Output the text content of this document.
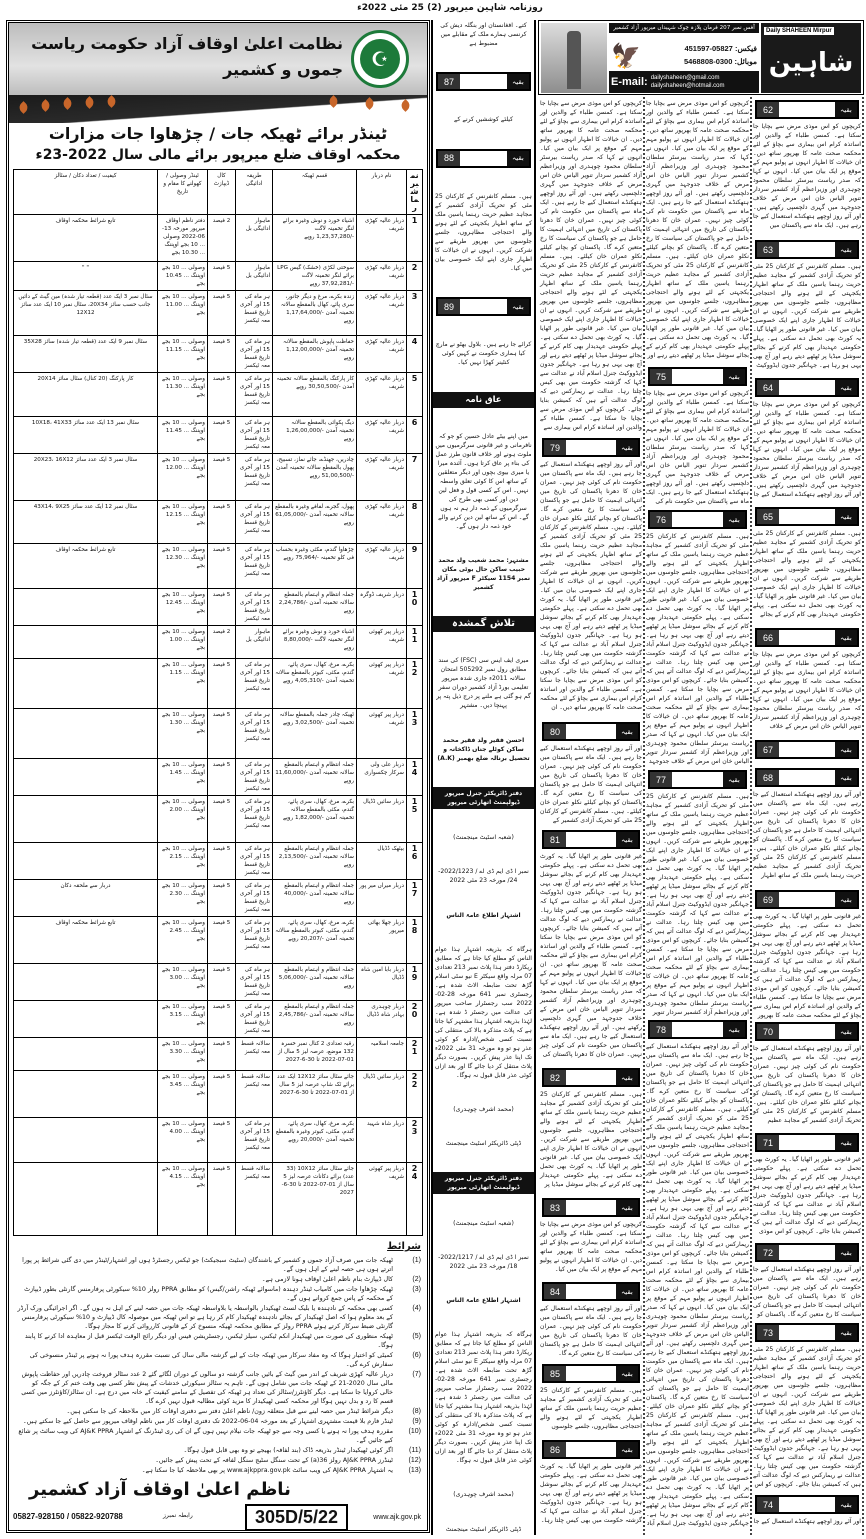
روزنامہ شاہین میرپور (2) 25 مئی 2022ء
نظامت اعلیٰ اوقاف آزاد حکومت ریاست جموں و کشمیر	☪
ٹینڈر برائے ٹھیکہ جات / چڑھاوا جات مزارات
محکمہ اوقاف ضلع میرپور برائے مالی سال 2022-23ء
نمبر شمار
نام دربار
قسم ٹھیکہ
طریقہ ادائیگی
کال ڈیپازٹ
ٹینڈر وصولی / کھولنے کا مقام و تاریخ
کیفیت / تعداد دکان / سٹالز
1
دربار عالیہ کھڑی شریف
اشیاء خورد و نوش وغیرہ برائے لنگر تخمینہ لاگت -/1,23,37,280 روپے
ماہوار ادائیگی بل
2 فیصد
دفتر ناظم اوقاف میرپور مورخہ 13-06-2022 وصولی ... 10 بجے اوپننگ ... 10.30 بجے
تابع شرائط محکمہ اوقاف
2
دربار عالیہ کھڑی شریف
سوختی لکڑی (خشک) گیس LPG برائے لنگر تخمینہ لاگت -/37,92,281 روپے
ماہوار ادائیگی بل
5 فیصد
وصولی ... 10 بجے اوپننگ ... 10.45 بجے
" "
3
دربار عالیہ کھڑی شریف
زندہ بکرے، مرغ و دیگر جانور، سری پائے، کھال بالمقطع سالانہ تخمینہ آمدن -/1,17,64,000 روپے
ہر ماہ کی 15 اور آخری تاریخ قسط معہ ٹیکسز
5 فیصد
وصولی ... 10 بجے اوپننگ ... 11.00 بجے
سٹال نمبر 3 ایک عدد (قطعہ تیار شدہ) مین گیٹ کے دائیں جانب حسب سائز 20X34، سٹال نمبر 10 ایک عدد سائز 12X12
4
دربار عالیہ کھڑی شریف
حفاظت پاپوش بالمقطع سالانہ تخمینہ آمدن -/1,12,00,000 روپے
ہر ماہ کی 15 اور آخری تاریخ قسط معہ ٹیکسز
5 فیصد
وصولی ... 10 بجے اوپننگ ... 11.15 بجے
سٹال نمبر 9 ایک عدد (قطعہ تیار شدہ) سائز 35X28
5
دربار عالیہ کھڑی شریف
کار پارکنگ بالمقطع سالانہ تخمینہ آمدن -/30,50,500 روپے
ہر ماہ کی 15 اور آخری تاریخ قسط معہ ٹیکسز
5 فیصد
وصولی ... 10 بجے اوپننگ ... 11.30 بجے
کار پارکنگ (20 کنال) سٹال سائز 20X14
6
دربار عالیہ کھڑی شریف
دیگ پکوائی بالمقطع سالانہ تخمینہ آمدن -/1,26,00,000 روپے
ہر ماہ کی 15 اور آخری تاریخ قسط معہ ٹیکسز
5 فیصد
وصولی ... 10 بجے اوپننگ ... 11.45 بجے
سٹال نمبر 13 ایک عدد سائز 10X18، 41X33
7
دربار عالیہ کھڑی شریف
چادریں، جھنڈے، جائے نماز، تسبیح، پھول بالمقطع سالانہ تخمینہ آمدن -/51,00,500 روپے
ہر ماہ کی 15 اور آخری تاریخ قسط معہ ٹیکسز
5 فیصد
وصولی ... 10 بجے اوپننگ ... 12.00 بجے
سٹال نمبر 3 ایک عدد سائز 20X23، 16X12
8
دربار عالیہ کھڑی شریف
پھول، گجرے، لفافے وغیرہ بالمقطع سالانہ تخمینہ آمدن -/61,05,000 روپے
ہر ماہ کی 15 اور آخری تاریخ قسط معہ ٹیکسز
5 فیصد
وصولی ... 10 بجے اوپننگ ... 12.15 بجے
سٹال نمبر 12 ایک عدد سائز 43X14، 9X25
9
دربار عالیہ کھڑی شریف
چڑھاوا گندم، مکئی وغیرہ بحساب فی کلو تخمینہ -/75,964 روپے
ہر ماہ کی 15 اور آخری تاریخ قسط معہ ٹیکسز
5 فیصد
وصولی ... 10 بجے اوپننگ ... 12.30 بجے
تابع شرائط محکمہ اوقاف
10
دربار شریف ڈوگرہ
جملہ انتظام و اہتمام بالمقطع سالانہ تخمینہ آمدن -/2,24,786 روپے
ہر ماہ کی 15 اور آخری تاریخ قسط معہ ٹیکسز
5 فیصد
وصولی ... 10 بجے اوپننگ ... 12.45 بجے
11
دربار پیر کھوئی شریف
اشیاء خورد و نوش وغیرہ برائے لنگر تخمینہ لاگت -/8,80,000 روپے
ماہوار ادائیگی بل
2 فیصد
وصولی ... 10 بجے اوپننگ ... 1.00 بجے
12
دربار پیر کھوئی شریف
بکرے، مرغ، کھال، سری پائے، گندم، مکئی، کبوتر بالمقطع سالانہ تخمینہ آمدن -/4,05,310 روپے
ہر ماہ کی 15 اور آخری تاریخ قسط معہ ٹیکسز
5 فیصد
وصولی ... 10 بجے اوپننگ ... 1.15 بجے
13
دربار پیر کھوئی شریف
ٹھیکہ چادر جملہ بالمقطع سالانہ تخمینہ آمدن -/3,02,500 روپے
ہر ماہ کی 15 اور آخری تاریخ قسط معہ ٹیکسز
5 فیصد
وصولی ... 10 بجے اوپننگ ... 1.30 بجے
14
دربار علی ولی سرکار چکسواری
جملہ انتظام و اہتمام بالمقطع سالانہ تخمینہ آمدن -/11,60,000 روپے
ہر ماہ کی 15 اور آخری تاریخ قسط معہ ٹیکسز
5 فیصد
وصولی ... 10 بجے اوپننگ ... 1.45 بجے
15
دربار سائیں ڈڈیال
بکرے، مرغ، کھال، سری پائے، گندم، مکئی بالمقطع سالانہ تخمینہ آمدن -/1,82,000 روپے
ہر ماہ کی 15 اور آخری تاریخ قسط معہ ٹیکسز
5 فیصد
وصولی ... 10 بجے اوپننگ ... 2.00 بجے
16
بیٹھک ڈڈیال
جملہ انتظام و اہتمام بالمقطع سالانہ تخمینہ آمدن -/2,13,500 روپے
ہر ماہ کی 15 اور آخری تاریخ قسط معہ ٹیکسز
5 فیصد
وصولی ... 10 بجے اوپننگ ... 2.15 بجے
17
دربار میراں میر پور
جملہ انتظام و اہتمام بالمقطع سالانہ تخمینہ آمدن -/40,000 روپے
ہر ماہ کی 15 اور آخری تاریخ قسط معہ ٹیکسز
5 فیصد
وصولی ... 10 بجے اوپننگ ... 2.30 بجے
دربار سے ملحقہ دکان
18
دربار جھلا بھائی میرپور
بکرے، مرغ، کھال، سری پائے، گندم، مکئی، کبوتر بالمقطع سالانہ تخمینہ آمدن -/20,207 روپے
ہر ماہ کی 15 اور آخری تاریخ قسط معہ ٹیکسز
5 فیصد
وصولی ... 10 بجے اوپننگ ... 2.45 بجے
تابع شرائط محکمہ اوقاف
19
دربار بابا امین شاہ ڈڈیال
جملہ انتظام و اہتمام بالمقطع سالانہ تخمینہ آمدن -/5,06,000 روپے
ہر ماہ کی 15 اور آخری تاریخ قسط معہ ٹیکسز
5 فیصد
وصولی ... 10 بجے اوپننگ ... 3.00 بجے
20
دربار چوہدری بہادر شاہ ڈڈیال
جملہ انتظام و اہتمام بالمقطع سالانہ تخمینہ آمدن -/2,45,786 روپے
ہر ماہ کی 15 اور آخری تاریخ قسط معہ ٹیکسز
5 فیصد
وصولی ... 10 بجے اوپننگ ... 3.15 بجے
21
جامعہ اسلامیہ
رقبہ تعدادی 2 کنال نمبر خسرہ 132 موضع، عرصہ لیز 5 سال از 01-07-2022 تا 30-6-2027
سالانہ قسط معہ ٹیکسز
5 فیصد
وصولی ... 10 بجے اوپننگ ... 3.30 بجے
22
دربار سائیں ڈڈیال
جائے سٹال سائز 12X12 ایک عدد برائے ٹک شاپ عرصہ لیز 5 سال از 01-07-2022 تا 30-6-2027
سالانہ قسط معہ ٹیکسز
5 فیصد
وصولی ... 10 بجے اوپننگ ... 3.45 بجے
23
دربار شاہ شہید
بکرے، مرغ، کھال، سری پائے، گندم، مکئی، کبوتر وغیرہ بالمقطع تخمینہ آمدن -/20,000 روپے
ہر ماہ کی 15 اور آخری تاریخ قسط معہ ٹیکسز
5 فیصد
وصولی ... 10 بجے اوپننگ ... 4.00 بجے
24
دربار پیر کھوئی شریف
جائے سٹال سائز 10X12 (33 عدد) برائے دکانات عرصہ لیز 5 سال از 01-07-2022 تا 30-6-2027
سالانہ قسط معہ ٹیکسز
5 فیصد
وصولی ... 10 بجے اوپننگ ... 4.15 بجے
شرائط
(1)
ٹھیکہ جات میں صرف آزاد جموں و کشمیر کے باشندگان (سٹیٹ سبجیکٹ) جو ٹیکس رجسٹرڈ ہوں اور اشتہار/ٹینڈر میں دی گئی شرائط پر پورا اترتے ہوں ہی حصہ لینے کے اہل ہوں گے۔
(2)
کال ڈیپازٹ بنام ناظم اعلیٰ اوقاف ہونا لازمی ہے۔
(3)
ٹھیکہ چڑھاوا جات میں کامیاب ٹینڈر دہندہ (ماسوائے ٹھیکہ راشن/گیس) کو مطابق PPRA رولز 10% سیکورٹی پرفارمنس گارنٹی بطور ڈیپازٹ کے محکمہ کے پاس جمع کروانے ہوں گے۔
(4)
کسی بھی محکمہ کے نادہندہ یا بلیک لسٹ ٹھیکیدار بالواسطہ یا بلاواسطہ ٹھیکہ جات میں حصہ لینے کے اہل نہ ہوں گے۔ اگر اجرائیگی ورک آرڈر کے بعد معلوم ہوا کہ اصل ٹھیکیدار کے بجائے نادہندہ ٹھیکیدار کام کر رہا ہے تو اس ٹھیکہ میں موصولہ کال ڈیپازٹ و 10% سیکورٹی پرفارمنس گارنٹی ضبط سرکار کرتے ہوئے PPRA رولز کے مطابق محکمہ ٹھیکہ منسوخ کر کے قانونی کارروائی کرنے کا مجاز ہوگا۔
(5)
ٹھیکہ منظوری کی صورت میں ٹھیکیدار انکم ٹیکس، سیلز ٹیکس، رجسٹریشن فیس اور دیگر رائج الوقت ٹیکسز قبل از معاہدہ ادا کرنے کا پابند ہوگا۔
(6)
کمیٹی کو اختیار ہوگا کہ وہ مفاد سرکار میں ٹھیکہ جات کے لیے گزشتہ مالی سال کی نسبت مقررہ ہدف پورا نہ ہونے پر ٹینڈر منسوخی کی سفارش کرے گی۔
(7)
دربار عالیہ کھڑی شریف کے اندر مین گیٹ کے بائیں جانب گزشتہ دو سالوں کے دوران لگائے گئے 2 عدد سٹالز فروخت چادریں اور حفاظت پاپوش مالی سال 2020-21 کے ٹھیکہ جات میں شامل ہوں گے۔ تاہم یہ سٹالز سیکورٹی خدشات کے پیش نظر کسی بھی وقت ختم کر کے جگہ کو خالی کروایا جا سکتا ہے۔ دیگر کاؤنٹرز/سٹالز کی تعداد ہر ٹھیکہ کی تفصیل کے سامنے کیفیت کے خانہ میں درج ہے۔ ان سٹالز/کاؤنٹرز میں کسی قسم کا رد و بدل نہیں ہوگا اور محکمہ کسی ٹھیکیدار کا مزید کوئی مطالبہ قبول نہیں کرے گا۔
(8)
دیگر شرائط ٹینڈر میں حصہ لینے سے قبل متعلقہ زون/ ناظم اعلیٰ دفتر سے دفتری اوقات کار میں ملاحظہ کی جا سکتی ہیں۔
(9)
ٹینڈر فارم بلا قیمت مشتہری اشتہار کے بعد مورخہ 04-06-2022 تک دفتری اوقات کار میں ناظم اوقاف میرپور سے حاصل کیے جا سکتے ہیں۔
(10)
مقررہ ہدف پورا نہ ہونے یا کسی وجہ سے جو ٹھیکہ جات نیلام نہیں ہوں گے ان کی ری ٹینڈرنگ کے اشتہار AJ&K PPRA کی ویب سائٹ پر شائع کیے جائیں گے۔
(11)
اگر کوئی ٹھیکیدار ٹینڈر بذریعہ ڈاک (بند لفافہ) بھیجے تو وہ بھی قابل قبول ہوگا۔
(12)
ٹینڈرز AJ&K PPRA رولز 36(a) کے تحت سنگل سٹیج سنگل لفافہ کے تحت پیش کیے جائیں۔
(13)
یہ اشتہار AJ&K PPRA کی ویب سائٹ www.ajkppra.gov.pk پر بھی ملاحظہ کیا جا سکتا ہے۔
ناظم اعلیٰ اوقاف آزاد کشمیر
05827-928150 / 05822-920788	رابطہ نمبرز	305D/5/22	www.ajk.gov.pk
آفس نمبر 207 فرمان پلازہ چوک شہیداں میرپور آزاد کشمیر
🦅	فیکس: 05827-451597
موبائل: 0300-5468808
E-mail: dailyshaheen@gmail.com
dailyshaheen@hotmail.com
Daily SHAHEEN Mirpur
شاہین
کتے۔ افغانستان اور بنگلہ دیش کی کرنسی ہمارے ملک کے مقابلے میں مضبوط ہے
87	بقیہ
کیلئے کوششیں کرنے کے
88	بقیہ
ہیں۔ مسلم کانفرنس کے کارکنان 25 مئی کو تحریک آزادی کشمیر کے مجاہد عظیم حریت رہنما یاسین ملک کے ساتھ اظہار یکجہتی کے لئے ہونے والے احتجاجی مظاہروں، جلسے جلوسوں میں بھرپور طریقے سے شرکت کریں۔ انہوں نے ان خیالات کا اظہار جاری اپنے ایک خصوصی بیان میں کیا۔
89	بقیہ
کرائے جا رہے ہیں۔ بلاول بھٹو نے مارچ کیا ہماری حکومت نے کہیں کوئی کنٹینر کھڑا نہیں کیا۔
عاق نامہ
میں اپنے بیٹے عادل حسین کو جو کہ نافرمانی و غیر قانونی سرگرمیوں میں ملوث ہونے اور خلاف قانون طرز عمل کی بناء پر عاق کرتا ہوں۔ آئندہ میرا یا میری بیوی بچوں اور دیگر متعلقین کے ساتھ اس کا کوئی تعلق واسطہ نہیں۔ اس کے کسی قول و فعل لین دین اور کسی بھی طرح کی سرگرمیوں کے ذمہ دار ہم نہ ہوں گے۔ اس کے ساتھ لین دین کرنے والے خود ذمہ دار ہوں گے۔
مشتہر: محمد شعیب ولد محمد حبیب ساکن حال بوٹی مکان نمبر 1154 سیکٹر F میرپور آزاد کشمیر
تلاش گمشدہ
میری ایف ایس سی (FSC) کی سند مطابق رول نمبر 505292 امتحان سالانہ 2011ء جاری شدہ میرپور تعلیمی بورڈ آزاد کشمیر دوران سفر گم ہو گئی ہے ملنے پر درج ذیل پتہ پر پہنچا دیں۔ مشتہر
احسن فقیر ولد فقیر محمد ساکن کوٹلے جناں ڈاکخانہ و تحصیل برنالہ ضلع بھمبر (A.K)
دفتر ڈائریکٹر جنرل میرپور ڈیولپمنٹ اتھارٹی میرپور
(شعبہ اسٹیٹ مینجمنٹ)
نمبر ا ڈی ایم ڈی اے / 2022/1223-24/ مورخہ 23 مئی 2022
اشتہار اطلاع عامۃ الناس
ہرگاہ کہ بذریعہ اشتہار ہذا عوام الناس کو مطلع کیا جاتا ہے کہ مطابق ریکارڈ دفتر ہذا پلاٹ نمبر 213 تعدادی 07 مرلہ واقع سیکٹر E نیو سٹی اسلام گڑھ تحت ضابطہ الاٹ شدہ ہے۔ رجسٹری نمبر 641 مورخہ 28-02-2022 سب رجسٹرار صاحب میرپور کی عدالت میں رجسٹر ڈ شدہ ہے۔ لہٰذا بذریعہ اشتہار ہذا مشتہر کیا جاتا ہے کہ پلاٹ متذکرہ بالا کی منتقلی کی نسبت کسی شخص/ادارہ کو کوئی عذر ہو تو وہ مورخہ 31 مئی 2022ء تک اپنا عذر پیش کریں۔ بصورت دیگر پلاٹ منتقل کر دیا جائے گا اور بعد ازاں کوئی عذر قابل قبول نہ ہوگا۔
(محمد اشرف چوہدری)
ڈپٹی ڈائریکٹر اسٹیٹ مینجمنٹ
دفتر ڈائریکٹر جنرل میرپور ڈیولپمنٹ اتھارٹی میرپور
(شعبہ اسٹیٹ مینجمنٹ)
نمبر ا ڈی ایم ڈی اے / 2022/1217-18/ مورخہ 23 مئی 2022
اشتہار اطلاع عامۃ الناس
ہرگاہ کہ بذریعہ اشتہار ہذا عوام الناس کو مطلع کیا جاتا ہے کہ مطابق ریکارڈ دفتر ہذا پلاٹ نمبر 213 تعدادی 07 مرلہ واقع سیکٹر E نیو سٹی اسلام گڑھ تحت ضابطہ الاٹ شدہ ہے۔ رجسٹری نمبر 641 مورخہ 28-02-2022 سب رجسٹرار صاحب میرپور کی عدالت میں رجسٹر ڈ شدہ ہے۔ لہٰذا بذریعہ اشتہار ہذا مشتہر کیا جاتا ہے کہ پلاٹ متذکرہ بالا کی منتقلی کی نسبت کسی شخص/ادارہ کو کوئی عذر ہو تو وہ مورخہ 31 مئی 2022ء تک اپنا عذر پیش کریں۔ بصورت دیگر پلاٹ منتقل کر دیا جائے گا اور بعد ازاں کوئی عذر قابل قبول نہ ہوگا۔
(محمد اشرف چوہدری)
ڈپٹی ڈائریکٹر اسٹیٹ مینجمنٹ
کریچوں کو اس موذی مرض سے بچایا جا سکتا ہے۔ کمسن طلباء کے والدین اور اساتذہ کرام اس بیماری سے بچاؤ کے لئے محکمہ صحت عامہ کا بھرپور ساتھ دیں۔ ان خیالات کا اظہار انہوں نے پولیو مہم کے موقع پر ایک بیان میں کیا۔ انہوں نے کہا کہ صدر ریاست بیرسٹر سلطان محمود چوہدری اور وزیراعظم آزاد کشمیر سردار تنویر الیاس خان اس مرض کے خلاف جدوجہد میں گہری دلچسپی رکھتے ہیں۔ اور آئے روز اوچھے ہتھکنڈے استعمال کیے جا رہے ہیں۔ ایک ماہ سے پاکستان میں حکومت نام کی کوئی چیز نہیں۔ عمران خان کا دھرنا پاکستان کی تاریخ میں انتہائی اہمیت کا حامل ہے جو پاکستان کی سیاست کا رخ متعین کرے گا۔ پاکستان کو بچانے کیلئے نکلو عمران خان کیلئے۔ ہیں۔ مسلم کانفرنس کے کارکنان 25 مئی کو تحریک آزادی کشمیر کے مجاہد عظیم حریت رہنما یاسین ملک کے ساتھ اظہار یکجہتی کے لئے ہونے والے احتجاجی مظاہروں، جلسے جلوسوں میں بھرپور طریقے سے شرکت کریں۔ انہوں نے ان خیالات کا اظہار جاری اپنے ایک خصوصی بیان میں کیا۔ غیر قانونی طور پر اٹھایا گیا۔ یہ کورٹ بھی تحمل دے سکتی ہے۔ پہلے حکومتی عہدیدار بھی کام کرنے کے بجائے سوشل میڈیا پر ٹھٹھے دیتے رہے اور آج بھی یہی ہو رہا ہے۔ جہانگیر جدون ایڈووکیٹ جنرل اسلام آباد نے عدالت سے کہا کہ گزشتہ حکومت میں بھی کیس چلتا رہا۔ عدالت نے ریمارکس دیے کہ لوگ عدالت آتے ہیں کہ کمیشن بنایا جائے۔ کریچوں کو اس موذی مرض سے بچایا جا سکتا ہے۔ کمسن طلباء کے والدین اور اساتذہ کرام اس بیماری سے
79	بقیہ
اور آئے روز اوچھے ہتھکنڈے استعمال کیے جا رہے ہیں۔ ایک ماہ سے پاکستان میں حکومت نام کی کوئی چیز نہیں۔ عمران خان کا دھرنا پاکستان کی تاریخ میں انتہائی اہمیت کا حامل ہے جو پاکستان کی سیاست کا رخ متعین کرے گا۔ پاکستان کو بچانے کیلئے نکلو عمران خان کیلئے۔ ہیں۔ مسلم کانفرنس کے کارکنان 25 مئی کو تحریک آزادی کشمیر کے مجاہد عظیم حریت رہنما یاسین ملک کے ساتھ اظہار یکجہتی کے لئے ہونے والے احتجاجی مظاہروں، جلسے جلوسوں میں بھرپور طریقے سے شرکت کریں۔ انہوں نے ان خیالات کا اظہار جاری اپنے ایک خصوصی بیان میں کیا۔ غیر قانونی طور پر اٹھایا گیا۔ یہ کورٹ بھی تحمل دے سکتی ہے۔ پہلے حکومتی عہدیدار بھی کام کرنے کے بجائے سوشل میڈیا پر ٹھٹھے دیتے رہے اور آج بھی یہی ہو رہا ہے۔ جہانگیر جدون ایڈووکیٹ جنرل اسلام آباد نے عدالت سے کہا کہ گزشتہ حکومت میں بھی کیس چلتا رہا۔ عدالت نے ریمارکس دیے کہ لوگ عدالت آتے ہیں کہ کمیشن بنایا جائے۔ کریچوں کو اس موذی مرض سے بچایا جا سکتا ہے۔ کمسن طلباء کے والدین اور اساتذہ کرام اس بیماری سے بچاؤ کے لئے محکمہ صحت عامہ کا بھرپور ساتھ دیں۔ ان
80	بقیہ
اور آئے روز اوچھے ہتھکنڈے استعمال کیے جا رہے ہیں۔ ایک ماہ سے پاکستان میں حکومت نام کی کوئی چیز نہیں۔ عمران خان کا دھرنا پاکستان کی تاریخ میں انتہائی اہمیت کا حامل ہے جو پاکستان کی سیاست کا رخ متعین کرے گا۔ پاکستان کو بچانے کیلئے نکلو عمران خان کیلئے۔ ہیں۔ مسلم کانفرنس کے کارکنان 25 مئی کو تحریک آزادی کشمیر کے
81	بقیہ
غیر قانونی طور پر اٹھایا گیا۔ یہ کورٹ بھی تحمل دے سکتی ہے۔ پہلے حکومتی عہدیدار بھی کام کرنے کے بجائے سوشل میڈیا پر ٹھٹھے دیتے رہے اور آج بھی یہی ہو رہا ہے۔ جہانگیر جدون ایڈووکیٹ جنرل اسلام آباد نے عدالت سے کہا کہ گزشتہ حکومت میں بھی کیس چلتا رہا۔ عدالت نے ریمارکس دیے کہ لوگ عدالت آتے ہیں کہ کمیشن بنایا جائے۔ کریچوں کو اس موذی مرض سے بچایا جا سکتا ہے۔ کمسن طلباء کے والدین اور اساتذہ کرام اس بیماری سے بچاؤ کے لئے محکمہ صحت عامہ کا بھرپور ساتھ دیں۔ ان خیالات کا اظہار انہوں نے پولیو مہم کے موقع پر ایک بیان میں کیا۔ انہوں نے کہا کہ صدر ریاست بیرسٹر سلطان محمود چوہدری اور وزیراعظم آزاد کشمیر سردار تنویر الیاس خان اس مرض کے خلاف جدوجہد میں گہری دلچسپی رکھتے ہیں۔ اور آئے روز اوچھے ہتھکنڈے استعمال کیے جا رہے ہیں۔ ایک ماہ سے پاکستان میں حکومت نام کی کوئی چیز نہیں۔ عمران خان کا دھرنا پاکستان کی
82	بقیہ
ہیں۔ مسلم کانفرنس کے کارکنان 25 مئی کو تحریک آزادی کشمیر کے مجاہد عظیم حریت رہنما یاسین ملک کے ساتھ اظہار یکجہتی کے لئے ہونے والے احتجاجی مظاہروں، جلسے جلوسوں میں بھرپور طریقے سے شرکت کریں۔ انہوں نے ان خیالات کا اظہار جاری اپنے ایک خصوصی بیان میں کیا۔ غیر قانونی طور پر اٹھایا گیا۔ یہ کورٹ بھی تحمل دے سکتی ہے۔ پہلے حکومتی عہدیدار بھی کام کرنے کے بجائے سوشل میڈیا پر
83	بقیہ
کریچوں کو اس موذی مرض سے بچایا جا سکتا ہے۔ کمسن طلباء کے والدین اور اساتذہ کرام اس بیماری سے بچاؤ کے لئے محکمہ صحت عامہ کا بھرپور ساتھ دیں۔ ان خیالات کا اظہار انہوں نے پولیو مہم کے موقع پر ایک بیان میں کیا۔
84	بقیہ
اور آئے روز اوچھے ہتھکنڈے استعمال کیے جا رہے ہیں۔ ایک ماہ سے پاکستان میں حکومت نام کی کوئی چیز نہیں۔ عمران خان کا دھرنا پاکستان کی تاریخ میں انتہائی اہمیت کا حامل ہے جو پاکستان کی سیاست کا رخ متعین کرے گا۔
85	بقیہ
ہیں۔ مسلم کانفرنس کے کارکنان 25 مئی کو تحریک آزادی کشمیر کے مجاہد عظیم حریت رہنما یاسین ملک کے ساتھ اظہار یکجہتی کے لئے ہونے والے احتجاجی مظاہروں، جلسے جلوسوں
86	بقیہ
غیر قانونی طور پر اٹھایا گیا۔ یہ کورٹ بھی تحمل دے سکتی ہے۔ پہلے حکومتی عہدیدار بھی کام کرنے کے بجائے سوشل میڈیا پر ٹھٹھے دیتے رہے اور آج بھی یہی ہو رہا ہے۔ جہانگیر جدون ایڈووکیٹ جنرل اسلام آباد نے عدالت سے کہا کہ گزشتہ حکومت میں بھی کیس چلتا رہا۔
کریچوں کو اس موذی مرض سے بچایا جا سکتا ہے۔ کمسن طلباء کے والدین اور اساتذہ کرام اس بیماری سے بچاؤ کے لئے محکمہ صحت عامہ کا بھرپور ساتھ دیں۔ ان خیالات کا اظہار انہوں نے پولیو مہم کے موقع پر ایک بیان میں کیا۔ انہوں نے کہا کہ صدر ریاست بیرسٹر سلطان محمود چوہدری اور وزیراعظم آزاد کشمیر سردار تنویر الیاس خان اس مرض کے خلاف جدوجہد میں گہری دلچسپی رکھتے ہیں۔ اور آئے روز اوچھے ہتھکنڈے استعمال کیے جا رہے ہیں۔ ایک ماہ سے پاکستان میں حکومت نام کی کوئی چیز نہیں۔ عمران خان کا دھرنا پاکستان کی تاریخ میں انتہائی اہمیت کا حامل ہے جو پاکستان کی سیاست کا رخ متعین کرے گا۔ پاکستان کو بچانے کیلئے نکلو عمران خان کیلئے۔ ہیں۔ مسلم کانفرنس کے کارکنان 25 مئی کو تحریک آزادی کشمیر کے مجاہد عظیم حریت رہنما یاسین ملک کے ساتھ اظہار یکجہتی کے لئے ہونے والے احتجاجی مظاہروں، جلسے جلوسوں میں بھرپور طریقے سے شرکت کریں۔ انہوں نے ان خیالات کا اظہار جاری اپنے ایک خصوصی بیان میں کیا۔ غیر قانونی طور پر اٹھایا گیا۔ یہ کورٹ بھی تحمل دے سکتی ہے۔ پہلے حکومتی عہدیدار بھی کام کرنے کے بجائے سوشل میڈیا پر ٹھٹھے دیتے رہے اور
75	بقیہ
کریچوں کو اس موذی مرض سے بچایا جا سکتا ہے۔ کمسن طلباء کے والدین اور اساتذہ کرام اس بیماری سے بچاؤ کے لئے محکمہ صحت عامہ کا بھرپور ساتھ دیں۔ ان خیالات کا اظہار انہوں نے پولیو مہم کے موقع پر ایک بیان میں کیا۔ انہوں نے کہا کہ صدر ریاست بیرسٹر سلطان محمود چوہدری اور وزیراعظم آزاد کشمیر سردار تنویر الیاس خان اس مرض کے خلاف جدوجہد میں گہری دلچسپی رکھتے ہیں۔ اور آئے روز اوچھے ہتھکنڈے استعمال کیے جا رہے ہیں۔ ایک ماہ سے پاکستان میں حکومت نام کی
76	بقیہ
ہیں۔ مسلم کانفرنس کے کارکنان 25 مئی کو تحریک آزادی کشمیر کے مجاہد عظیم حریت رہنما یاسین ملک کے ساتھ اظہار یکجہتی کے لئے ہونے والے احتجاجی مظاہروں، جلسے جلوسوں میں بھرپور طریقے سے شرکت کریں۔ انہوں نے ان خیالات کا اظہار جاری اپنے ایک خصوصی بیان میں کیا۔ غیر قانونی طور پر اٹھایا گیا۔ یہ کورٹ بھی تحمل دے سکتی ہے۔ پہلے حکومتی عہدیدار بھی کام کرنے کے بجائے سوشل میڈیا پر ٹھٹھے دیتے رہے اور آج بھی یہی ہو رہا ہے۔ جہانگیر جدون ایڈووکیٹ جنرل اسلام آباد نے عدالت سے کہا کہ گزشتہ حکومت میں بھی کیس چلتا رہا۔ عدالت نے ریمارکس دیے کہ لوگ عدالت آتے ہیں کہ کمیشن بنایا جائے۔ کریچوں کو اس موذی مرض سے بچایا جا سکتا ہے۔ کمسن طلباء کے والدین اور اساتذہ کرام اس بیماری سے بچاؤ کے لئے محکمہ صحت عامہ کا بھرپور ساتھ دیں۔ ان خیالات کا اظہار انہوں نے پولیو مہم کے موقع پر ایک بیان میں کیا۔ انہوں نے کہا کہ صدر ریاست بیرسٹر سلطان محمود چوہدری اور وزیراعظم آزاد کشمیر سردار تنویر الیاس خان اس مرض کے خلاف جدوجہد
77	بقیہ
ہیں۔ مسلم کانفرنس کے کارکنان 25 مئی کو تحریک آزادی کشمیر کے مجاہد عظیم حریت رہنما یاسین ملک کے ساتھ اظہار یکجہتی کے لئے ہونے والے احتجاجی مظاہروں، جلسے جلوسوں میں بھرپور طریقے سے شرکت کریں۔ انہوں نے ان خیالات کا اظہار جاری اپنے ایک خصوصی بیان میں کیا۔ غیر قانونی طور پر اٹھایا گیا۔ یہ کورٹ بھی تحمل دے سکتی ہے۔ پہلے حکومتی عہدیدار بھی کام کرنے کے بجائے سوشل میڈیا پر ٹھٹھے دیتے رہے اور آج بھی یہی ہو رہا ہے۔ جہانگیر جدون ایڈووکیٹ جنرل اسلام آباد نے عدالت سے کہا کہ گزشتہ حکومت میں بھی کیس چلتا رہا۔ عدالت نے ریمارکس دیے کہ لوگ عدالت آتے ہیں کہ کمیشن بنایا جائے۔ کریچوں کو اس موذی مرض سے بچایا جا سکتا ہے۔ کمسن طلباء کے والدین اور اساتذہ کرام اس بیماری سے بچاؤ کے لئے محکمہ صحت عامہ کا بھرپور ساتھ دیں۔ ان خیالات کا اظہار انہوں نے پولیو مہم کے موقع پر ایک بیان میں کیا۔ انہوں نے کہا کہ صدر ریاست بیرسٹر سلطان محمود چوہدری اور وزیراعظم آزاد کشمیر سردار تنویر
78	بقیہ
اور آئے روز اوچھے ہتھکنڈے استعمال کیے جا رہے ہیں۔ ایک ماہ سے پاکستان میں حکومت نام کی کوئی چیز نہیں۔ عمران خان کا دھرنا پاکستان کی تاریخ میں انتہائی اہمیت کا حامل ہے جو پاکستان کی سیاست کا رخ متعین کرے گا۔ پاکستان کو بچانے کیلئے نکلو عمران خان کیلئے۔ ہیں۔ مسلم کانفرنس کے کارکنان 25 مئی کو تحریک آزادی کشمیر کے مجاہد عظیم حریت رہنما یاسین ملک کے ساتھ اظہار یکجہتی کے لئے ہونے والے احتجاجی مظاہروں، جلسے جلوسوں میں بھرپور طریقے سے شرکت کریں۔ انہوں نے ان خیالات کا اظہار جاری اپنے ایک خصوصی بیان میں کیا۔ غیر قانونی طور پر اٹھایا گیا۔ یہ کورٹ بھی تحمل دے سکتی ہے۔ پہلے حکومتی عہدیدار بھی کام کرنے کے بجائے سوشل میڈیا پر ٹھٹھے دیتے رہے اور آج بھی یہی ہو رہا ہے۔ جہانگیر جدون ایڈووکیٹ جنرل اسلام آباد نے عدالت سے کہا کہ گزشتہ حکومت میں بھی کیس چلتا رہا۔ عدالت نے ریمارکس دیے کہ لوگ عدالت آتے ہیں کہ کمیشن بنایا جائے۔ کریچوں کو اس موذی مرض سے بچایا جا سکتا ہے۔ کمسن طلباء کے والدین اور اساتذہ کرام اس بیماری سے بچاؤ کے لئے محکمہ صحت عامہ کا بھرپور ساتھ دیں۔ ان خیالات کا اظہار انہوں نے پولیو مہم کے موقع پر ایک بیان میں کیا۔ انہوں نے کہا کہ صدر ریاست بیرسٹر سلطان محمود چوہدری اور وزیراعظم آزاد کشمیر سردار تنویر الیاس خان اس مرض کے خلاف جدوجہد میں گہری دلچسپی رکھتے ہیں۔ اور آئے روز اوچھے ہتھکنڈے استعمال کیے جا رہے ہیں۔ ایک ماہ سے پاکستان میں حکومت نام کی کوئی چیز نہیں۔ عمران خان کا دھرنا پاکستان کی تاریخ میں انتہائی اہمیت کا حامل ہے جو پاکستان کی سیاست کا رخ متعین کرے گا۔ پاکستان کو بچانے کیلئے نکلو عمران خان کیلئے۔ ہیں۔ مسلم کانفرنس کے کارکنان 25 مئی کو تحریک آزادی کشمیر کے مجاہد عظیم حریت رہنما یاسین ملک کے ساتھ اظہار یکجہتی کے لئے ہونے والے احتجاجی مظاہروں، جلسے جلوسوں میں بھرپور طریقے سے شرکت کریں۔ انہوں نے ان خیالات کا اظہار جاری اپنے ایک خصوصی بیان میں کیا۔ غیر قانونی طور پر اٹھایا گیا۔ یہ کورٹ بھی تحمل دے سکتی ہے۔ پہلے حکومتی عہدیدار بھی کام کرنے کے بجائے سوشل میڈیا پر ٹھٹھے دیتے رہے اور آج بھی یہی ہو رہا ہے۔ جہانگیر جدون ایڈووکیٹ جنرل اسلام آباد
62	بقیہ
کریچوں کو اس موذی مرض سے بچایا جا سکتا ہے۔ کمسن طلباء کے والدین اور اساتذہ کرام اس بیماری سے بچاؤ کے لئے محکمہ صحت عامہ کا بھرپور ساتھ دیں۔ ان خیالات کا اظہار انہوں نے پولیو مہم کے موقع پر ایک بیان میں کیا۔ انہوں نے کہا کہ صدر ریاست بیرسٹر سلطان محمود چوہدری اور وزیراعظم آزاد کشمیر سردار تنویر الیاس خان اس مرض کے خلاف جدوجہد میں گہری دلچسپی رکھتے ہیں۔ اور آئے روز اوچھے ہتھکنڈے استعمال کیے جا رہے ہیں۔ ایک ماہ سے پاکستان میں
63	بقیہ
ہیں۔ مسلم کانفرنس کے کارکنان 25 مئی کو تحریک آزادی کشمیر کے مجاہد عظیم حریت رہنما یاسین ملک کے ساتھ اظہار یکجہتی کے لئے ہونے والے احتجاجی مظاہروں، جلسے جلوسوں میں بھرپور طریقے سے شرکت کریں۔ انہوں نے ان خیالات کا اظہار جاری اپنے ایک خصوصی بیان میں کیا۔ غیر قانونی طور پر اٹھایا گیا۔ یہ کورٹ بھی تحمل دے سکتی ہے۔ پہلے حکومتی عہدیدار بھی کام کرنے کے بجائے سوشل میڈیا پر ٹھٹھے دیتے رہے اور آج بھی یہی ہو رہا ہے۔ جہانگیر جدون ایڈووکیٹ
64	بقیہ
کریچوں کو اس موذی مرض سے بچایا جا سکتا ہے۔ کمسن طلباء کے والدین اور اساتذہ کرام اس بیماری سے بچاؤ کے لئے محکمہ صحت عامہ کا بھرپور ساتھ دیں۔ ان خیالات کا اظہار انہوں نے پولیو مہم کے موقع پر ایک بیان میں کیا۔ انہوں نے کہا کہ صدر ریاست بیرسٹر سلطان محمود چوہدری اور وزیراعظم آزاد کشمیر سردار تنویر الیاس خان اس مرض کے خلاف جدوجہد میں گہری دلچسپی رکھتے ہیں۔ اور آئے روز اوچھے ہتھکنڈے استعمال کیے جا
65	بقیہ
ہیں۔ مسلم کانفرنس کے کارکنان 25 مئی کو تحریک آزادی کشمیر کے مجاہد عظیم حریت رہنما یاسین ملک کے ساتھ اظہار یکجہتی کے لئے ہونے والے احتجاجی مظاہروں، جلسے جلوسوں میں بھرپور طریقے سے شرکت کریں۔ انہوں نے ان خیالات کا اظہار جاری اپنے ایک خصوصی بیان میں کیا۔ غیر قانونی طور پر اٹھایا گیا۔ یہ کورٹ بھی تحمل دے سکتی ہے۔ پہلے حکومتی عہدیدار بھی کام کرنے کے بجائے
66	بقیہ
کریچوں کو اس موذی مرض سے بچایا جا سکتا ہے۔ کمسن طلباء کے والدین اور اساتذہ کرام اس بیماری سے بچاؤ کے لئے محکمہ صحت عامہ کا بھرپور ساتھ دیں۔ ان خیالات کا اظہار انہوں نے پولیو مہم کے موقع پر ایک بیان میں کیا۔ انہوں نے کہا کہ صدر ریاست بیرسٹر سلطان محمود چوہدری اور وزیراعظم آزاد کشمیر سردار تنویر الیاس خان اس مرض کے خلاف
67	بقیہ
68	بقیہ
اور آئے روز اوچھے ہتھکنڈے استعمال کیے جا رہے ہیں۔ ایک ماہ سے پاکستان میں حکومت نام کی کوئی چیز نہیں۔ عمران خان کا دھرنا پاکستان کی تاریخ میں انتہائی اہمیت کا حامل ہے جو پاکستان کی سیاست کا رخ متعین کرے گا۔ پاکستان کو بچانے کیلئے نکلو عمران خان کیلئے۔ ہیں۔ مسلم کانفرنس کے کارکنان 25 مئی کو تحریک آزادی کشمیر کے مجاہد عظیم حریت رہنما یاسین ملک کے ساتھ اظہار
69	بقیہ
غیر قانونی طور پر اٹھایا گیا۔ یہ کورٹ بھی تحمل دے سکتی ہے۔ پہلے حکومتی عہدیدار بھی کام کرنے کے بجائے سوشل میڈیا پر ٹھٹھے دیتے رہے اور آج بھی یہی ہو رہا ہے۔ جہانگیر جدون ایڈووکیٹ جنرل اسلام آباد نے عدالت سے کہا کہ گزشتہ حکومت میں بھی کیس چلتا رہا۔ عدالت نے ریمارکس دیے کہ لوگ عدالت آتے ہیں کہ کمیشن بنایا جائے۔ کریچوں کو اس موذی مرض سے بچایا جا سکتا ہے۔ کمسن طلباء کے والدین اور اساتذہ کرام اس بیماری سے بچاؤ کے لئے محکمہ صحت عامہ کا بھرپور
70	بقیہ
اور آئے روز اوچھے ہتھکنڈے استعمال کیے جا رہے ہیں۔ ایک ماہ سے پاکستان میں حکومت نام کی کوئی چیز نہیں۔ عمران خان کا دھرنا پاکستان کی تاریخ میں انتہائی اہمیت کا حامل ہے جو پاکستان کی سیاست کا رخ متعین کرے گا۔ پاکستان کو بچانے کیلئے نکلو عمران خان کیلئے۔ ہیں۔ مسلم کانفرنس کے کارکنان 25 مئی کو تحریک آزادی کشمیر کے مجاہد عظیم
71	بقیہ
غیر قانونی طور پر اٹھایا گیا۔ یہ کورٹ بھی تحمل دے سکتی ہے۔ پہلے حکومتی عہدیدار بھی کام کرنے کے بجائے سوشل میڈیا پر ٹھٹھے دیتے رہے اور آج بھی یہی ہو رہا ہے۔ جہانگیر جدون ایڈووکیٹ جنرل اسلام آباد نے عدالت سے کہا کہ گزشتہ حکومت میں بھی کیس چلتا رہا۔ عدالت نے ریمارکس دیے کہ لوگ عدالت آتے ہیں کہ کمیشن بنایا جائے۔ کریچوں کو اس موذی
72	بقیہ
اور آئے روز اوچھے ہتھکنڈے استعمال کیے جا رہے ہیں۔ ایک ماہ سے پاکستان میں حکومت نام کی کوئی چیز نہیں۔ عمران خان کا دھرنا پاکستان کی تاریخ میں انتہائی اہمیت کا حامل ہے جو پاکستان کی سیاست کا رخ متعین کرے گا۔ پاکستان کو
73	بقیہ
ہیں۔ مسلم کانفرنس کے کارکنان 25 مئی کو تحریک آزادی کشمیر کے مجاہد عظیم حریت رہنما یاسین ملک کے ساتھ اظہار یکجہتی کے لئے ہونے والے احتجاجی مظاہروں، جلسے جلوسوں میں بھرپور طریقے سے شرکت کریں۔ انہوں نے ان خیالات کا اظہار جاری اپنے ایک خصوصی بیان میں کیا۔ غیر قانونی طور پر اٹھایا گیا۔ یہ کورٹ بھی تحمل دے سکتی ہے۔ پہلے حکومتی عہدیدار بھی کام کرنے کے بجائے سوشل میڈیا پر ٹھٹھے دیتے رہے اور آج بھی یہی ہو رہا ہے۔ جہانگیر جدون ایڈووکیٹ جنرل اسلام آباد نے عدالت سے کہا کہ گزشتہ حکومت میں بھی کیس چلتا رہا۔ عدالت نے ریمارکس دیے کہ لوگ عدالت آتے ہیں کہ کمیشن بنایا جائے۔ کریچوں کو اس
74	بقیہ
اور آئے روز اوچھے ہتھکنڈے استعمال کیے جا
